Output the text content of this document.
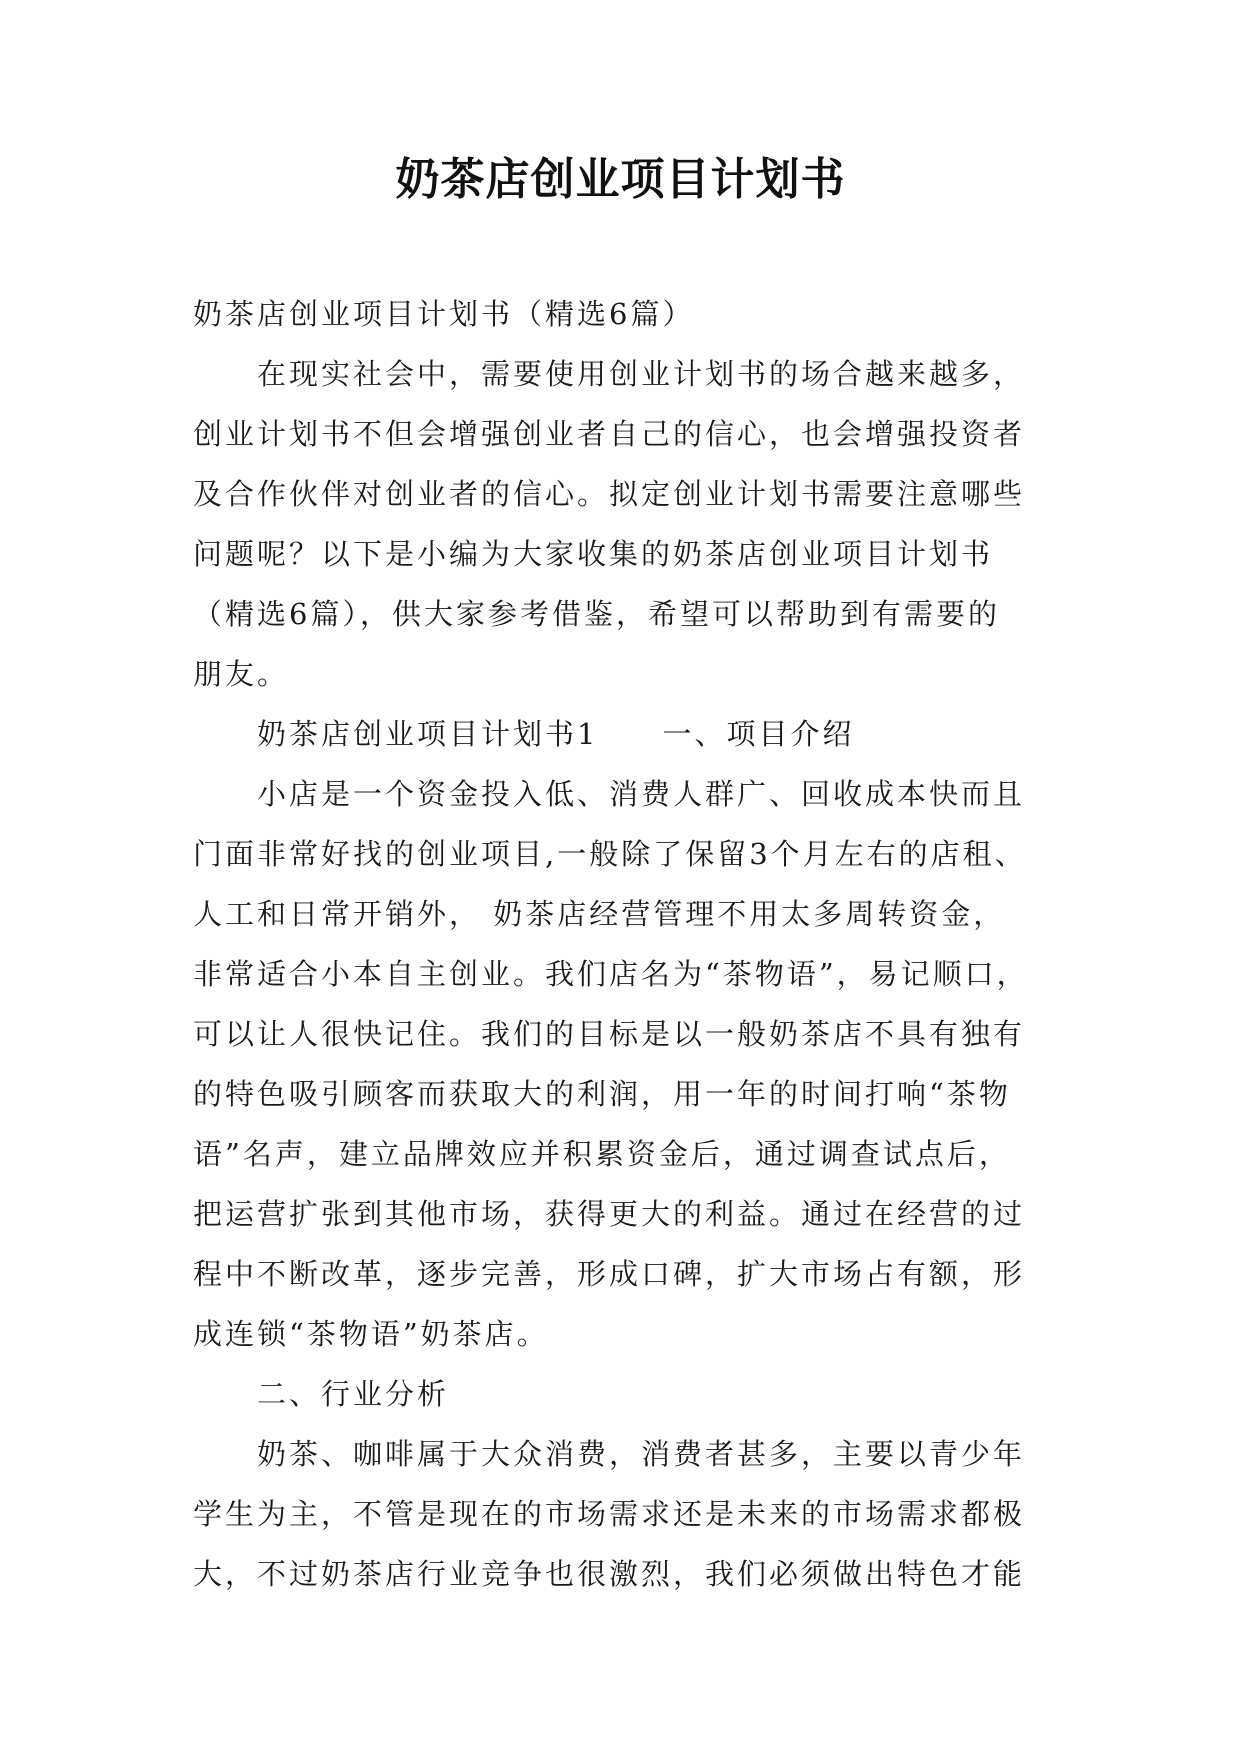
奶茶店创业项目计划书
奶茶店创业项目计划书（精选6篇）
在现实社会中，需要使用创业计划书的场合越来越多，
创业计划书不但会增强创业者自己的信心，也会增强投资者
及合作伙伴对创业者的信心。拟定创业计划书需要注意哪些
问题呢？以下是小编为大家收集的奶茶店创业项目计划书
（精选6篇），供大家参考借鉴，希望可以帮助到有需要的
朋友。
奶茶店创业项目计划书1 一、项目介绍
小店是一个资金投入低、消费人群广、回收成本快而且
门面非常好找的创业项目,一般除了保留3个月左右的店租、
人工和日常开销外， 奶茶店经营管理不用太多周转资金，
非常适合小本自主创业。我们店名为“茶物语”，易记顺口，
可以让人很快记住。我们的目标是以一般奶茶店不具有独有
的特色吸引顾客而获取大的利润，用一年的时间打响“茶物
语”名声，建立品牌效应并积累资金后，通过调查试点后，
把运营扩张到其他市场，获得更大的利益。通过在经营的过
程中不断改革，逐步完善，形成口碑，扩大市场占有额，形
成连锁“茶物语”奶茶店。
二、行业分析
奶茶、咖啡属于大众消费，消费者甚多，主要以青少年
学生为主，不管是现在的市场需求还是未来的市场需求都极
大，不过奶茶店行业竞争也很激烈，我们必须做出特色才能
